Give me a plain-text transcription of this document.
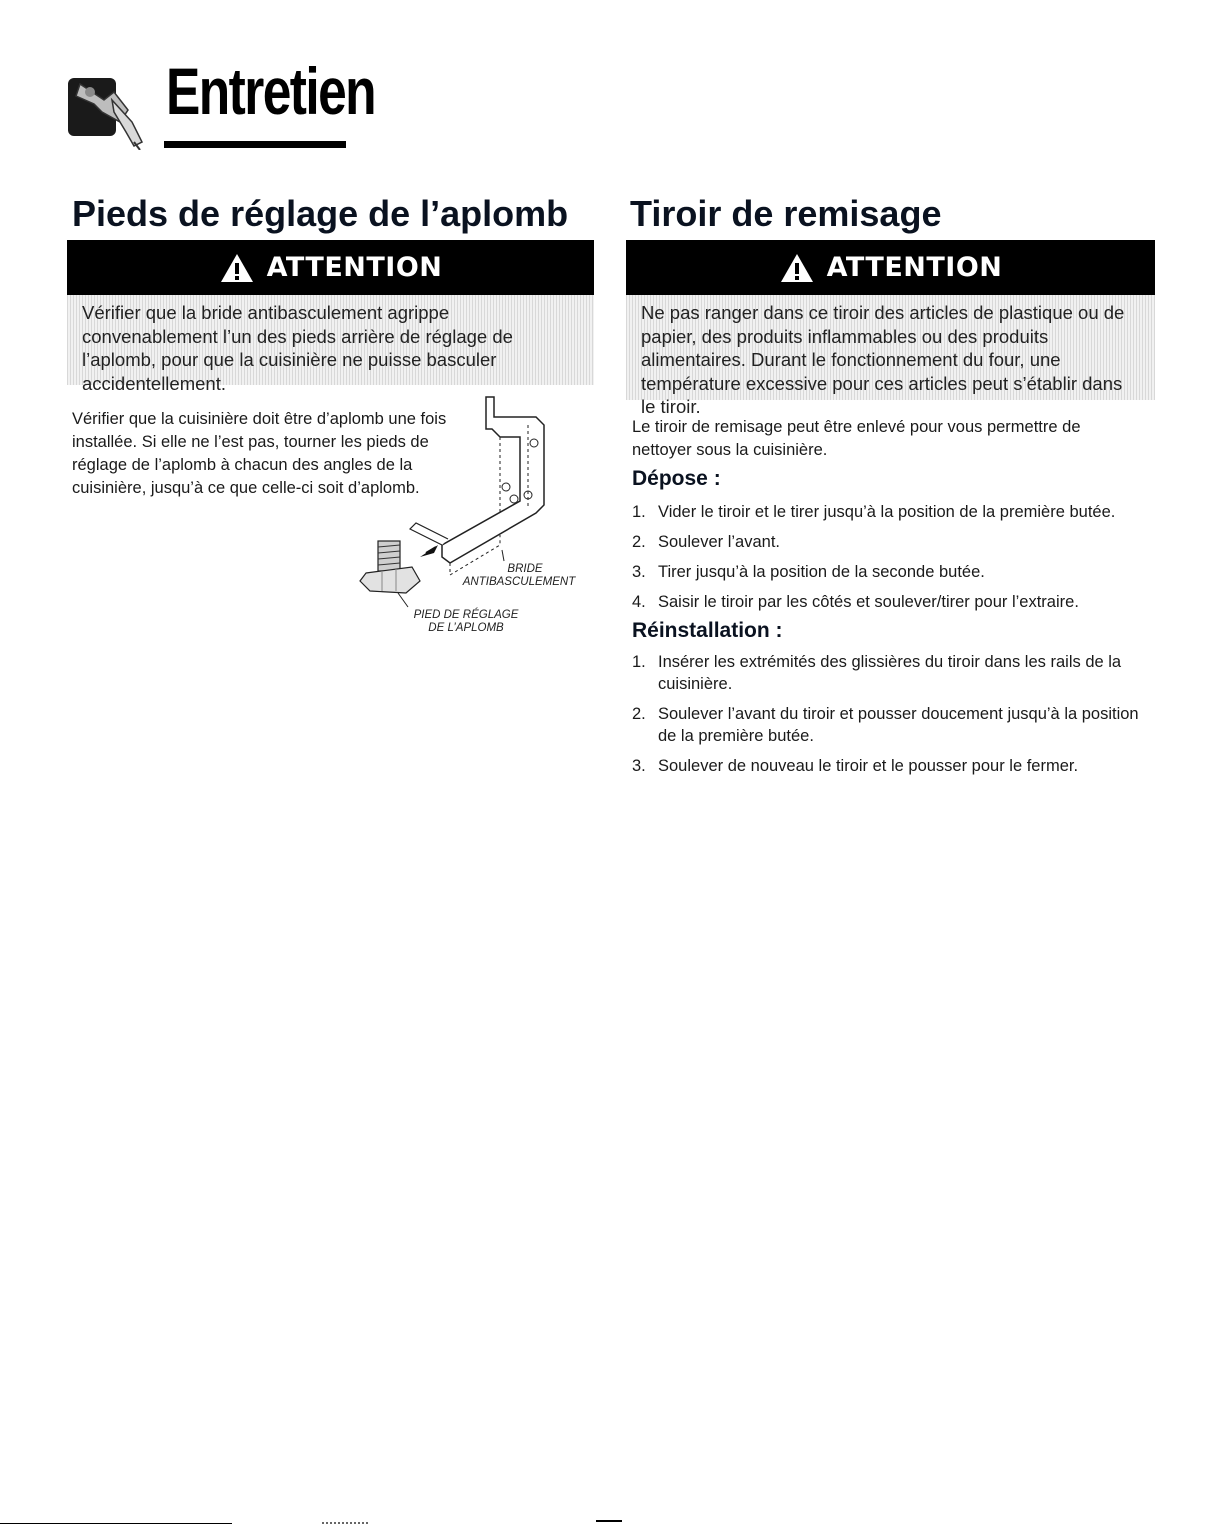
Entretien
Pieds de réglage de l’aplomb
ATTENTION

Vérifier que la bride antibasculement agrippe convenablement l’un des pieds arrière de réglage de l’aplomb, pour que la cuisinière ne puisse basculer accidentellement.

Vérifier que la cuisinière doit être d’aplomb une fois installée. Si elle ne l’est pas, tourner les pieds de réglage de l’aplomb à chacun des angles de la cuisinière, jusqu’à ce que celle-ci soit d’aplomb.

BRIDE

ANTIBASCULEMENT

PIED DE RÉGLAGE

DE L’APLOMB

Tiroir de remisage
ATTENTION

Ne pas ranger dans ce tiroir des articles de plastique ou de papier, des produits inflammables ou des produits alimentaires. Durant le fonctionnement du four, une température excessive pour ces articles peut s’établir dans le tiroir.

Le tiroir de remisage peut être enlevé pour vous permettre de nettoyer sous la cuisinière.

Dépose :
1. Vider le tiroir et le tirer jusqu’à la position de la première butée.
2. Soulever l’avant.
3. Tirer jusqu’à la position de la seconde butée.
4. Saisir le tiroir par les côtés et soulever/tirer pour l’extraire.
Réinstallation :
1. Insérer les extrémités des glissières du tiroir dans les rails de la cuisinière.
2. Soulever l’avant du tiroir et pousser doucement jusqu’à la position de la première butée.
3. Soulever de nouveau le tiroir et le pousser pour le fermer.
